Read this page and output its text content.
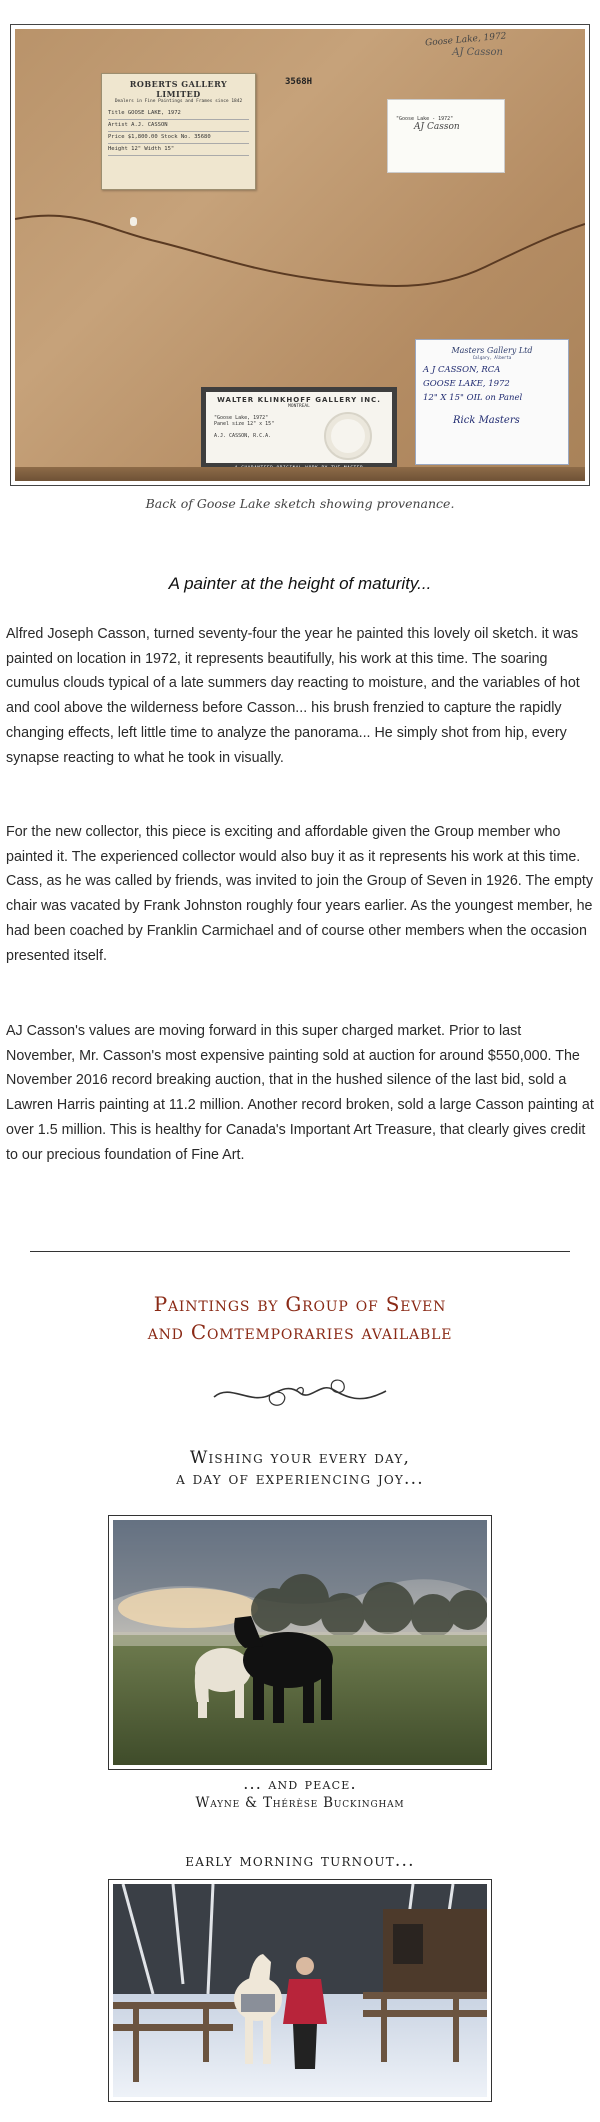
ROBERTS GALLERY LIMITED
Dealers in Fine Paintings and Frames since 1842
Title GOOSE LAKE, 1972
Artist A.J. CASSON
Price $1,800.00 Stock No. 35680
Height 12" Width 15"
3568H
Goose Lake, 1972
AJ Casson
"Goose Lake - 1972"
AJ Casson
WALTER KLINKHOFF GALLERY INC.
MONTREAL
"Goose Lake, 1972"
Panel size 12" x 15"
A.J. CASSON, R.C.A.
Masters Gallery Ltd
Calgary, Alberta
A J CASSON, RCA
GOOSE LAKE, 1972
12" X 15" OIL on Panel
Rick Masters
Back of Goose Lake sketch showing provenance.
A painter at the height of maturity...

Alfred Joseph Casson, turned seventy-four the year he painted this lovely oil sketch. it was painted on location in 1972, it represents beautifully, his work at this time. The soaring cumulus clouds typical of a late summers day reacting to moisture, and the variables of hot and cool above the wilderness before Casson... his brush frenzied to capture the rapidly changing effects, left little time to analyze the panorama... He simply shot from hip, every synapse reacting to what he took in visually.

For the new collector, this piece is exciting and affordable given the Group member who painted it. The experienced collector would also buy it as it represents his work at this time. Cass, as he was called by friends, was invited to join the Group of Seven in 1926. The empty chair was vacated by Frank Johnston roughly four years earlier. As the youngest member, he had been coached by Franklin Carmichael and of course other members when the occasion presented itself.

AJ Casson's values are moving forward in this super charged market. Prior to last November, Mr. Casson's most expensive painting sold at auction for around $550,000. The November 2016 record breaking auction, that in the hushed silence of the last bid, sold a Lawren Harris painting at 11.2 million. Another record broken, sold a large Casson painting at over 1.5 million. This is healthy for Canada's Important Art Treasure, that clearly gives credit to our precious foundation of Fine Art.

Paintings by Group of Seven
and Comtemporaries available
Wishing your every day,
a day of experiencing joy...
... and peace.
Wayne & Thérèse Buckingham
early morning turnout...
